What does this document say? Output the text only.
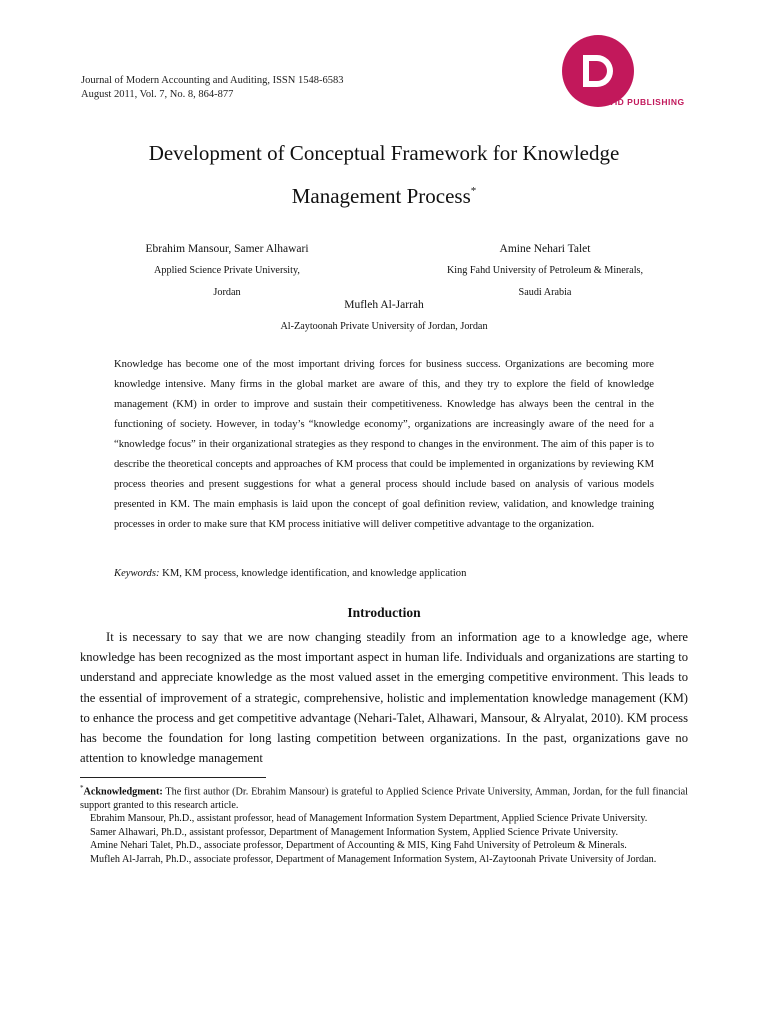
Journal of Modern Accounting and Auditing, ISSN 1548-6583
August 2011, Vol. 7, No. 8, 864-877
DAVID PUBLISHING
Development of Conceptual Framework for Knowledge
Management Process*
Ebrahim Mansour, Samer Alhawari
Applied Science Private University,
Jordan
Amine Nehari Talet
King Fahd University of Petroleum & Minerals,
Saudi Arabia
Mufleh Al-Jarrah
Al-Zaytoonah Private University of Jordan, Jordan
Knowledge has become one of the most important driving forces for business success. Organizations are becoming more knowledge intensive. Many firms in the global market are aware of this, and they try to explore the field of knowledge management (KM) in order to improve and sustain their competitiveness. Knowledge has always been the central in the functioning of society. However, in today’s “knowledge economy”, organizations are increasingly aware of the need for a “knowledge focus” in their organizational strategies as they respond to changes in the environment. The aim of this paper is to describe the theoretical concepts and approaches of KM process that could be implemented in organizations by reviewing KM process theories and present suggestions for what a general process should include based on analysis of various models presented in KM. The main emphasis is laid upon the concept of goal definition review, validation, and knowledge training processes in order to make sure that KM process initiative will deliver competitive advantage to the organization.
Keywords: KM, KM process, knowledge identification, and knowledge application
Introduction
It is necessary to say that we are now changing steadily from an information age to a knowledge age, where knowledge has been recognized as the most important aspect in human life. Individuals and organizations are starting to understand and appreciate knowledge as the most valued asset in the emerging competitive environment. This leads to the essential of improvement of a strategic, comprehensive, holistic and implementation knowledge management (KM) to enhance the process and get competitive advantage (Nehari-Talet, Alhawari, Mansour, & Alryalat, 2010). KM process has become the foundation for long lasting competition between organizations. In the past, organizations gave no attention to knowledge management

*Acknowledgment: The first author (Dr. Ebrahim Mansour) is grateful to Applied Science Private University, Amman, Jordan, for the full financial support granted to this research article.

Ebrahim Mansour, Ph.D., assistant professor, head of Management Information System Department, Applied Science Private University.

Samer Alhawari, Ph.D., assistant professor, Department of Management Information System, Applied Science Private University.

Amine Nehari Talet, Ph.D., associate professor, Department of Accounting & MIS, King Fahd University of Petroleum & Minerals.

Mufleh Al-Jarrah, Ph.D., associate professor, Department of Management Information System, Al-Zaytoonah Private University of Jordan.
